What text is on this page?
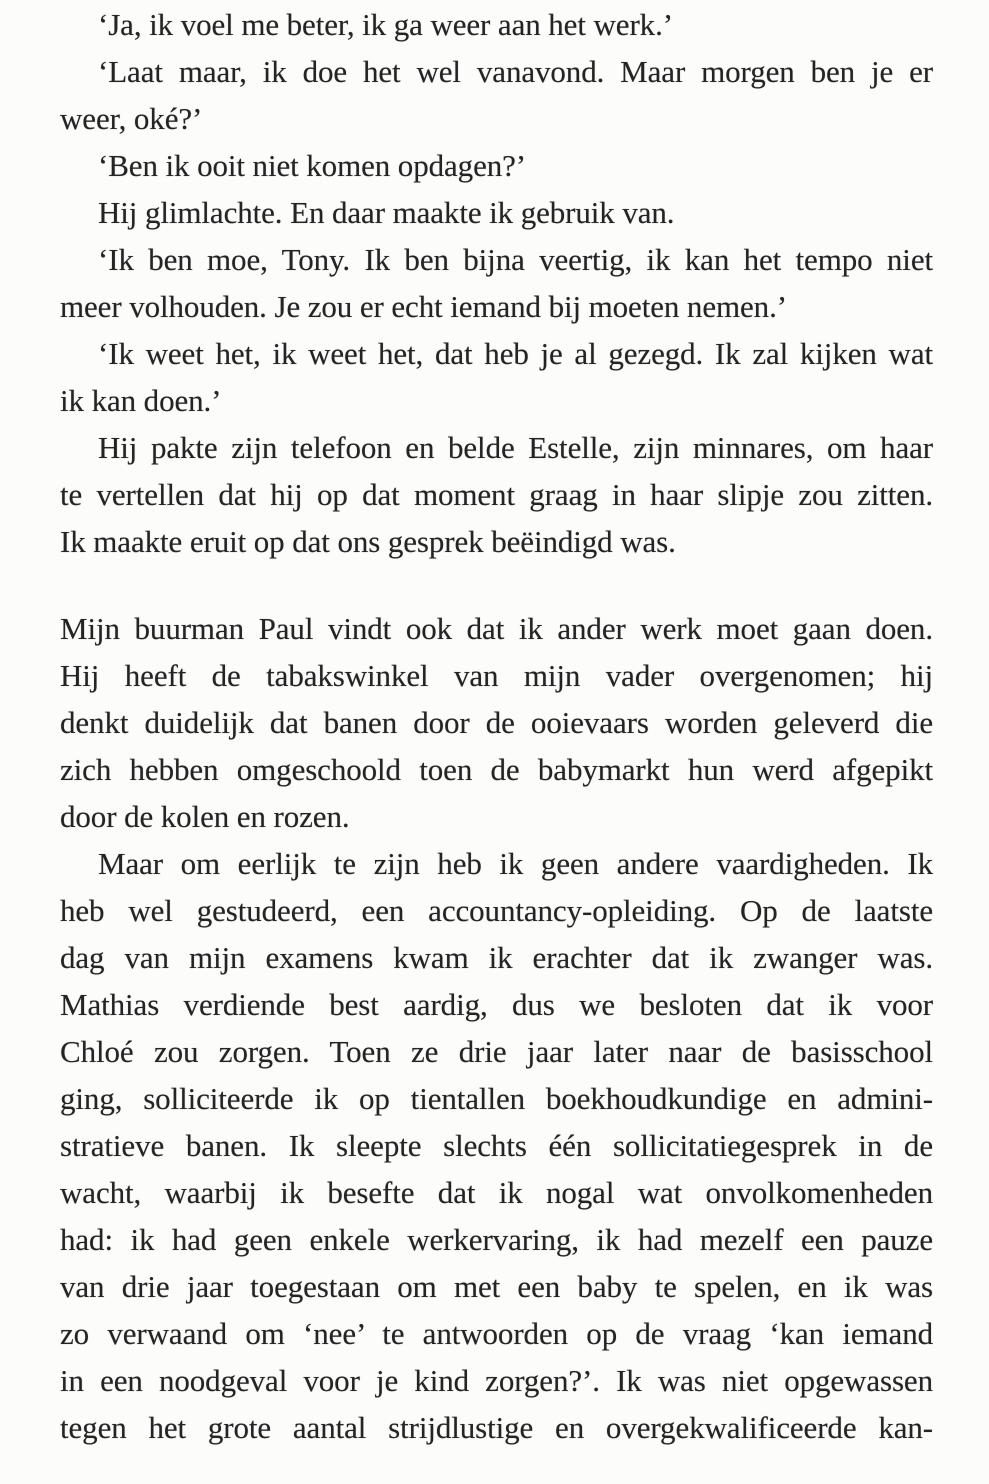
‘Ja, ik voel me beter, ik ga weer aan het werk.’

‘Laat maar, ik doe het wel vanavond. Maar morgen ben je er

weer, oké?’

‘Ben ik ooit niet komen opdagen?’

Hij glimlachte. En daar maakte ik gebruik van.

‘Ik ben moe, Tony. Ik ben bijna veertig, ik kan het tempo niet

meer volhouden. Je zou er echt iemand bij moeten nemen.’

‘Ik weet het, ik weet het, dat heb je al gezegd. Ik zal kijken wat

ik kan doen.’

Hij pakte zijn telefoon en belde Estelle, zijn minnares, om haar

te vertellen dat hij op dat moment graag in haar slipje zou zitten.

Ik maakte eruit op dat ons gesprek beëindigd was.

Mijn buurman Paul vindt ook dat ik ander werk moet gaan doen.

Hij heeft de tabakswinkel van mijn vader overgenomen; hij

denkt duidelijk dat banen door de ooievaars worden geleverd die

zich hebben omgeschoold toen de babymarkt hun werd afgepikt

door de kolen en rozen.

Maar om eerlijk te zijn heb ik geen andere vaardigheden. Ik

heb wel gestudeerd, een accountancy-opleiding. Op de laatste

dag van mijn examens kwam ik erachter dat ik zwanger was.

Mathias verdiende best aardig, dus we besloten dat ik voor

Chloé zou zorgen. Toen ze drie jaar later naar de basisschool

ging, solliciteerde ik op tientallen boekhoudkundige en admini-

stratieve banen. Ik sleepte slechts één sollicitatiegesprek in de

wacht, waarbij ik besefte dat ik nogal wat onvolkomenheden

had: ik had geen enkele werkervaring, ik had mezelf een pauze

van drie jaar toegestaan om met een baby te spelen, en ik was

zo verwaand om ‘nee’ te antwoorden op de vraag ‘kan iemand

in een noodgeval voor je kind zorgen?’. Ik was niet opgewassen

tegen het grote aantal strijdlustige en overgekwalificeerde kan-
